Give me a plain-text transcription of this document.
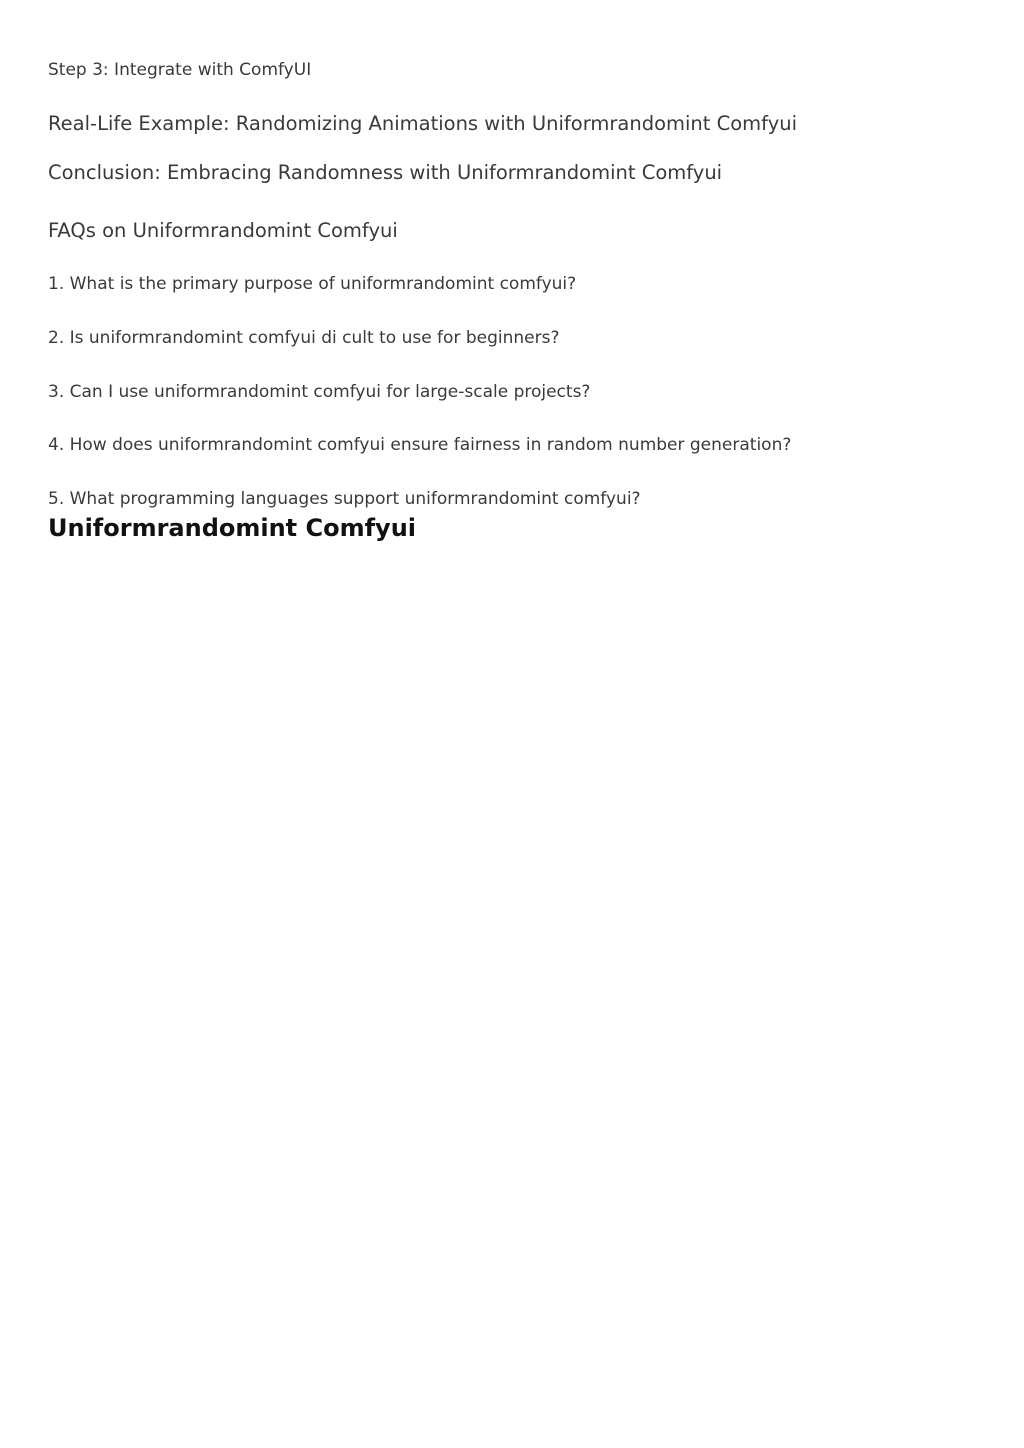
Step 3: Integrate with ComfyUI
Real-Life Example: Randomizing Animations with Uniformrandomint Comfyui
Conclusion: Embracing Randomness with Uniformrandomint Comfyui
FAQs on Uniformrandomint Comfyui
1. What is the primary purpose of uniformrandomint comfyui?
2. Is uniformrandomint comfyui di cult to use for beginners?
3. Can I use uniformrandomint comfyui for large-scale projects?
4. How does uniformrandomint comfyui ensure fairness in random number generation?
5. What programming languages support uniformrandomint comfyui?
Uniformrandomint Comfyui
